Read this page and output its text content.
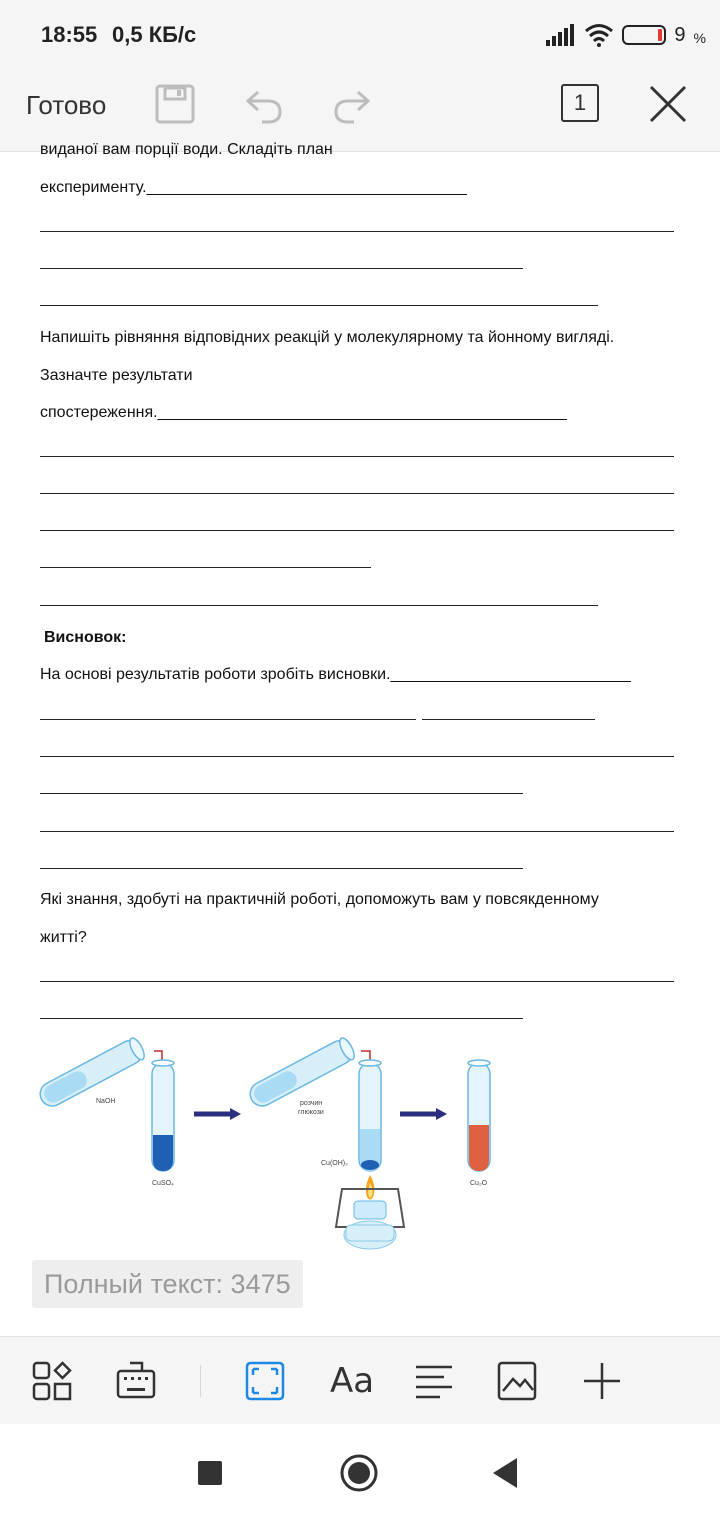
18:55 0,5 КБ/с	9 %
Готово	1
виданої вам порції води. Складіть план
експерименту.____________________________________
Напишіть рівняння відповідних реакцій у молекулярному та йонному вигляді.
Зазначте результати
спостереження.______________________________________________
Висновок:
На основі результатів роботи зробіть висновки.___________________________
Які знання, здобуті на практичній роботі, допоможуть вам у повсякденному
житті?
NaOH
CuSO₄
розчин
глюкози
Cu(OH)₂
Cu₂O
Полный текст: 3475
Aa
